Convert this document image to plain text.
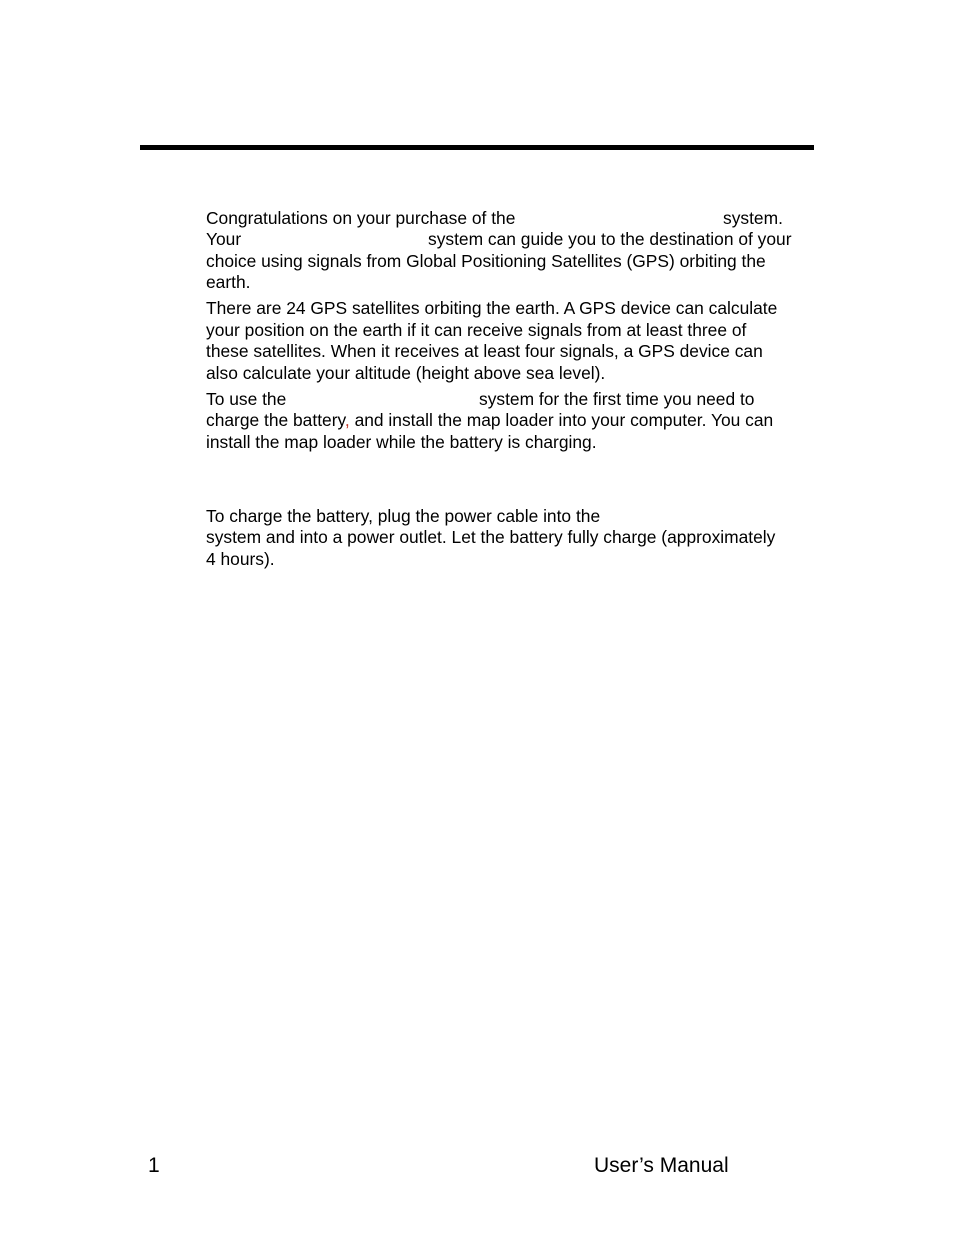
Congratulations on your purchase of the	system.
Your	system can guide you to the destination of your
choice using signals from Global Positioning Satellites (GPS) orbiting the
earth.
There are 24 GPS satellites orbiting the earth. A GPS device can calculate
your position on the earth if it can receive signals from at least three of
these satellites. When it receives at least four signals, a GPS device can
also calculate your altitude (height above sea level).
To use the	system for the first time you need to
charge the battery, and install the map loader into your computer. You can
install the map loader while the battery is charging.
To charge the battery, plug the power cable into the
system and into a power outlet. Let the battery fully charge (approximately
4 hours).
1	User’s Manual
